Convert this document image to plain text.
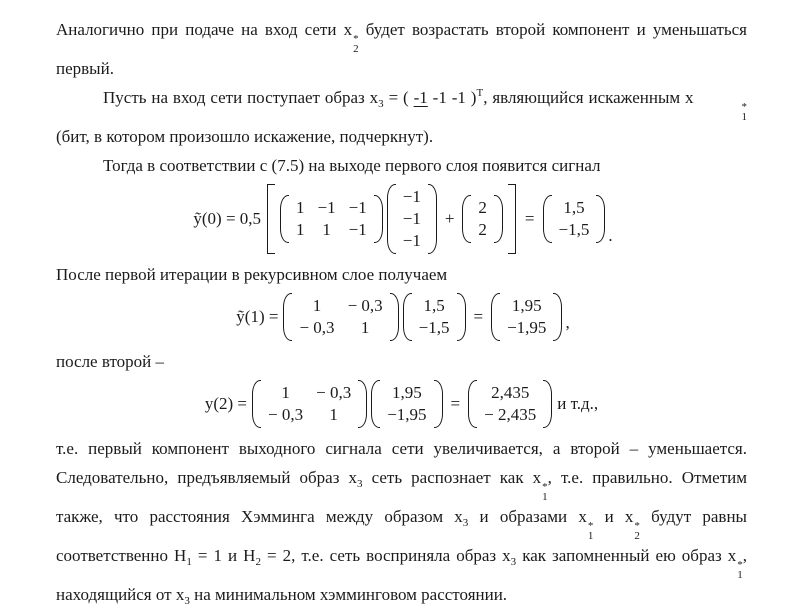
Аналогично при подаче на вход сети x *
2
будет возрастать второй компонент и уменьшаться первый.

Пусть на вход сети поступает образ $x_3$ = ( -1 -1 -1 )$^T$, являющийся искаженным x	*
1
(бит, в котором произошло искажение, подчеркнут).

Тогда в соответствии с (7.5) на выходе первого слоя появится сигнал

ỹ(0) = 0,5
1 −1 −1
1 1 −1
−1
−1
−1
+
2
2
=
1,5
−1,5 .

После первой итерации в рекурсивном слое получаем

ỹ(1) =
1 − 0,3
− 0,3 1
1,5
−1,5
=
1,95
−1,95 ,

после второй –

y(2) =
1 − 0,3
− 0,3 1
1,95
−1,95
=
2,435
− 2,435
и т.д.,

т.е. первый компонент выходного сигнала сети увеличивается, а второй – уменьшается. Следовательно, предъявляемый образ $x_3$ сеть распознает как x *
1
, т.е. правильно. Отметим также, что расстояния Хэмминга между образом $x_3$ и образами x *
1
и x *
2
будут равны соответственно $H_1 = 1$ и $H_2 = 2$, т.е. сеть восприняла образ $x_3$ как запомненный ею образ x *
1
, находящийся от $x_3$ на минимальном хэмминговом расстоянии.
